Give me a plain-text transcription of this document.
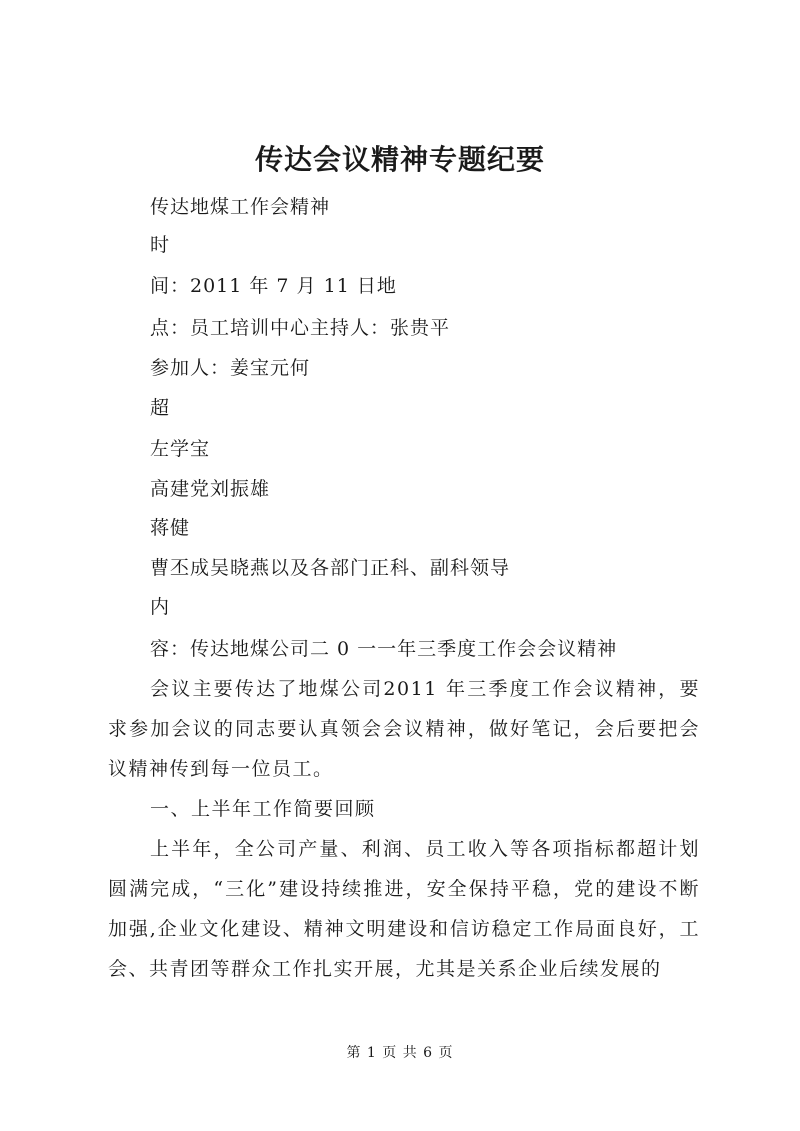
传达会议精神专题纪要
传达地煤工作会精神
时
间：2011 年 7 月 11 日地
点：员工培训中心主持人：张贵平
参加人：姜宝元何
超
左学宝
高建党刘振雄
蒋健
曹丕成吴晓燕以及各部门正科、副科领导
内
容：传达地煤公司二 0 一一年三季度工作会会议精神
会议主要传达了地煤公司2011 年三季度工作会议精神，要求参加会议的同志要认真领会会议精神，做好笔记，会后要把会议精神传到每一位员工。
一、上半年工作简要回顾
上半年，全公司产量、利润、员工收入等各项指标都超计划圆满完成，“三化”建设持续推进，安全保持平稳，党的建设不断加强,企业文化建设、精神文明建设和信访稳定工作局面良好，工会、共青团等群众工作扎实开展，尤其是关系企业后续发展的
第 1 页 共 6 页
